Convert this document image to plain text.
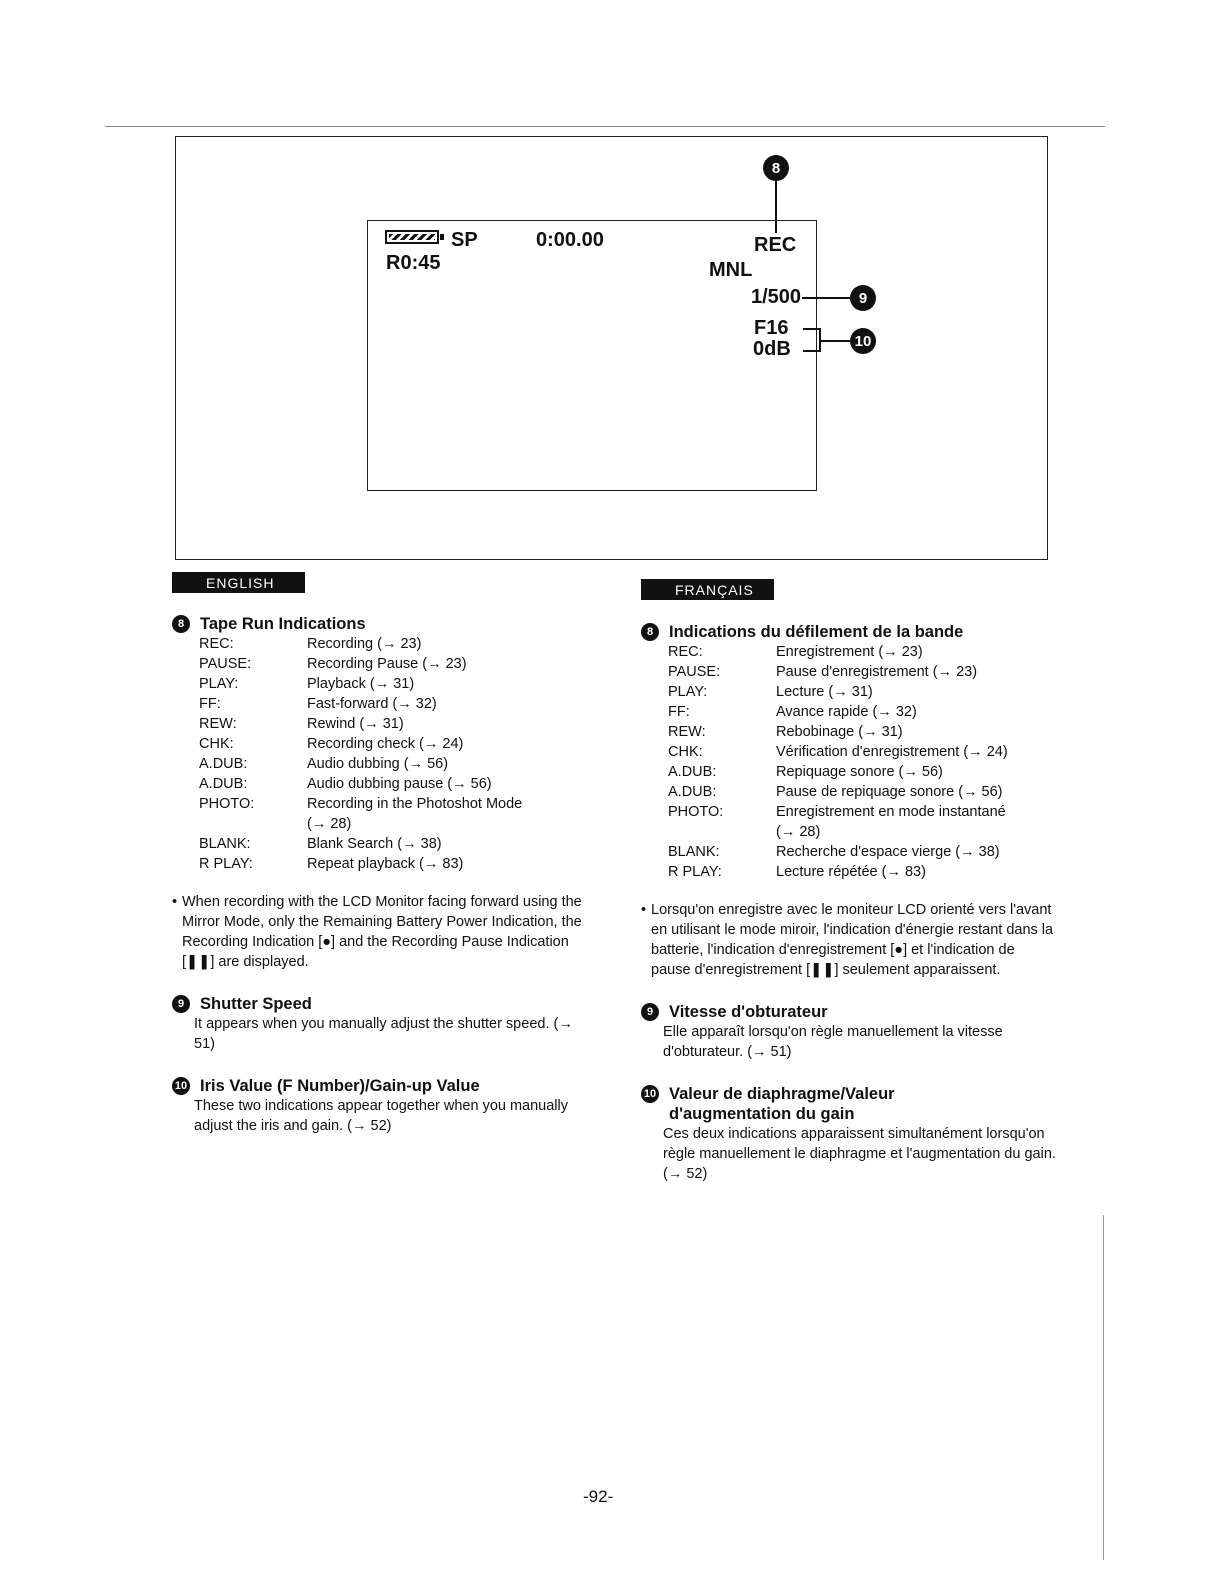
SP	0:00.00
R0:45
REC
MNL
1/500
F16
0dB
8
9
10
ENGLISH	FRANÇAIS
8 Tape Run Indications
REC:	Recording (→ 23)
PAUSE:	Recording Pause (→ 23)
PLAY:	Playback (→ 31)
FF:	Fast-forward (→ 32)
REW:	Rewind (→ 31)
CHK:	Recording check (→ 24)
A.DUB:	Audio dubbing (→ 56)
A.DUB:	Audio dubbing pause (→ 56)
PHOTO:	Recording in the Photoshot Mode
(→ 28)
BLANK:	Blank Search (→ 38)
R PLAY:	Repeat playback (→ 83)
• When recording with the LCD Monitor facing forward using the Mirror Mode, only the Remaining Battery Power Indication, the Recording Indication [●] and the Recording Pause Indication [❚❚] are displayed.
9 Shutter Speed
It appears when you manually adjust the shutter speed. (→ 51)
10 Iris Value (F Number)/Gain-up Value
These two indications appear together when you manually adjust the iris and gain. (→ 52)
8 Indications du défilement de la bande
REC:	Enregistrement (→ 23)
PAUSE:	Pause d'enregistrement (→ 23)
PLAY:	Lecture (→ 31)
FF:	Avance rapide (→ 32)
REW:	Rebobinage (→ 31)
CHK:	Vérification d'enregistrement (→ 24)
A.DUB:	Repiquage sonore (→ 56)
A.DUB:	Pause de repiquage sonore (→ 56)
PHOTO:	Enregistrement en mode instantané
(→ 28)
BLANK:	Recherche d'espace vierge (→ 38)
R PLAY:	Lecture répétée (→ 83)
• Lorsqu'on enregistre avec le moniteur LCD orienté vers l'avant en utilisant le mode miroir, l'indication d'énergie restant dans la batterie, l'indication d'enregistrement [●] et l'indication de pause d'enregistrement [❚❚] seulement apparaissent.
9 Vitesse d'obturateur
Elle apparaît lorsqu'on règle manuellement la vitesse d'obturateur. (→ 51)
10 Valeur de diaphragme/Valeur
d'augmentation du gain
Ces deux indications apparaissent simultanément lorsqu'on règle manuellement le diaphragme et l'augmentation du gain. (→ 52)
-92-
